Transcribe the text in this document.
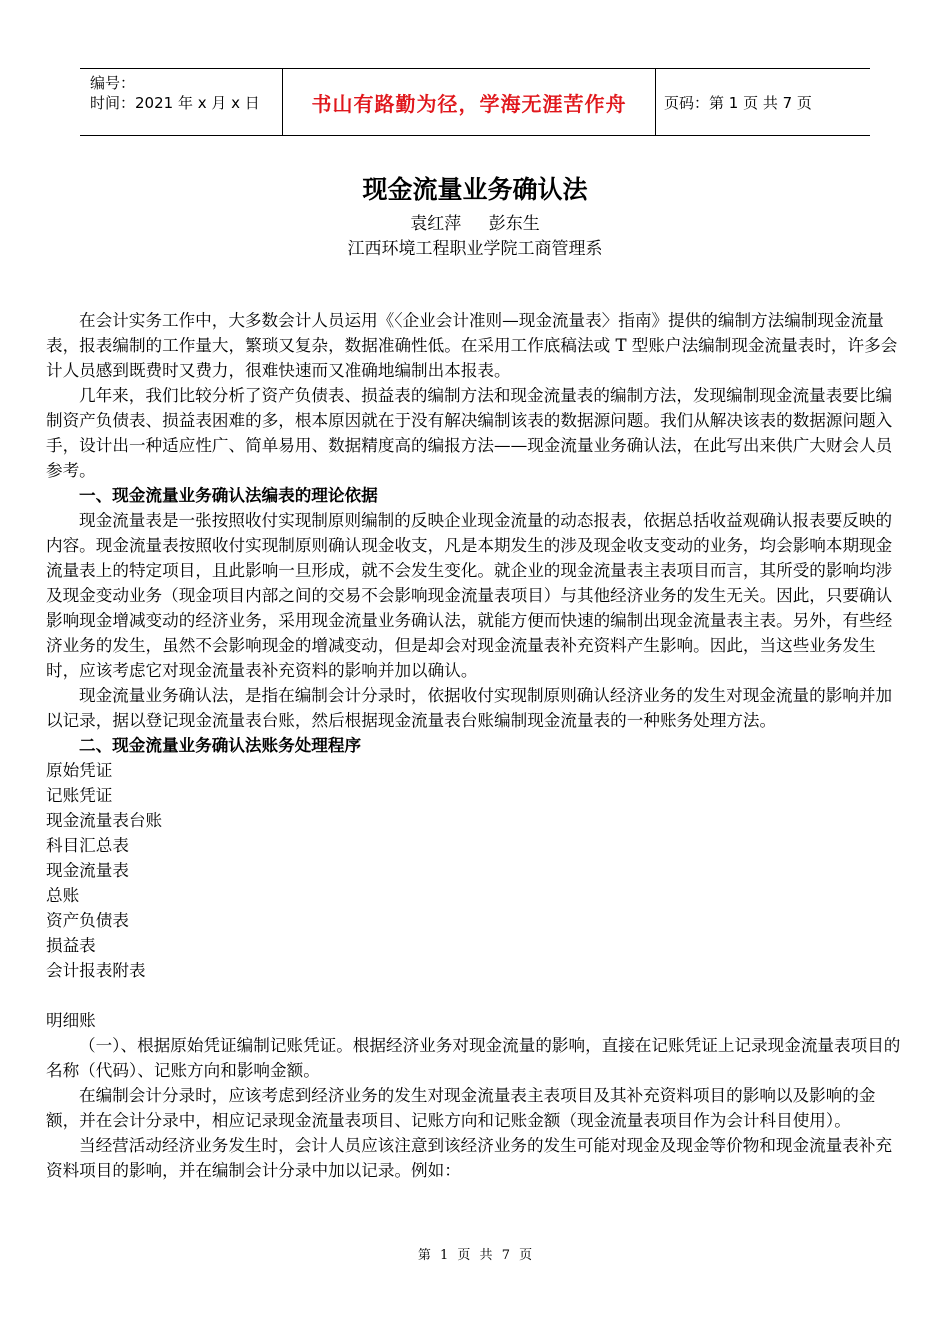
编号：
时间：2021 年 x 月 x 日	书山有路勤为径，学海无涯苦作舟	页码：第 1 页 共 7 页
现金流量业务确认法
袁红萍 彭东生
江西环境工程职业学院工商管理系

在会计实务工作中，大多数会计人员运用《〈企业会计准则—现金流量表〉指南》提供的编制方法编制现金流量表，报表编制的工作量大，繁琐又复杂，数据准确性低。在采用工作底稿法或 T 型账户法编制现金流量表时，许多会计人员感到既费时又费力，很难快速而又准确地编制出本报表。

几年来，我们比较分析了资产负债表、损益表的编制方法和现金流量表的编制方法，发现编制现金流量表要比编制资产负债表、损益表困难的多，根本原因就在于没有解决编制该表的数据源问题。我们从解决该表的数据源问题入手，设计出一种适应性广、简单易用、数据精度高的编报方法——现金流量业务确认法，在此写出来供广大财会人员参考。

一、现金流量业务确认法编表的理论依据

现金流量表是一张按照收付实现制原则编制的反映企业现金流量的动态报表，依据总括收益观确认报表要反映的内容。现金流量表按照收付实现制原则确认现金收支，凡是本期发生的涉及现金收支变动的业务，均会影响本期现金流量表上的特定项目，且此影响一旦形成，就不会发生变化。就企业的现金流量表主表项目而言，其所受的影响均涉及现金变动业务（现金项目内部之间的交易不会影响现金流量表项目）与其他经济业务的发生无关。因此，只要确认影响现金增减变动的经济业务，采用现金流量业务确认法，就能方便而快速的编制出现金流量表主表。另外，有些经济业务的发生，虽然不会影响现金的增减变动，但是却会对现金流量表补充资料产生影响。因此，当这些业务发生时，应该考虑它对现金流量表补充资料的影响并加以确认。

现金流量业务确认法，是指在编制会计分录时，依据收付实现制原则确认经济业务的发生对现金流量的影响并加以记录，据以登记现金流量表台账，然后根据现金流量表台账编制现金流量表的一种账务处理方法。

二、现金流量业务确认法账务处理程序

原始凭证

记账凭证

现金流量表台账

科目汇总表

现金流量表

总账

资产负债表

损益表

会计报表附表

明细账

（一）、根据原始凭证编制记账凭证。根据经济业务对现金流量的影响，直接在记账凭证上记录现金流量表项目的名称（代码）、记账方向和影响金额。

在编制会计分录时，应该考虑到经济业务的发生对现金流量表主表项目及其补充资料项目的影响以及影响的金额，并在会计分录中，相应记录现金流量表项目、记账方向和记账金额（现金流量表项目作为会计科目使用）。

当经营活动经济业务发生时，会计人员应该注意到该经济业务的发生可能对现金及现金等价物和现金流量表补充资料项目的影响，并在编制会计分录中加以记录。例如：

第 1 页 共 7 页
